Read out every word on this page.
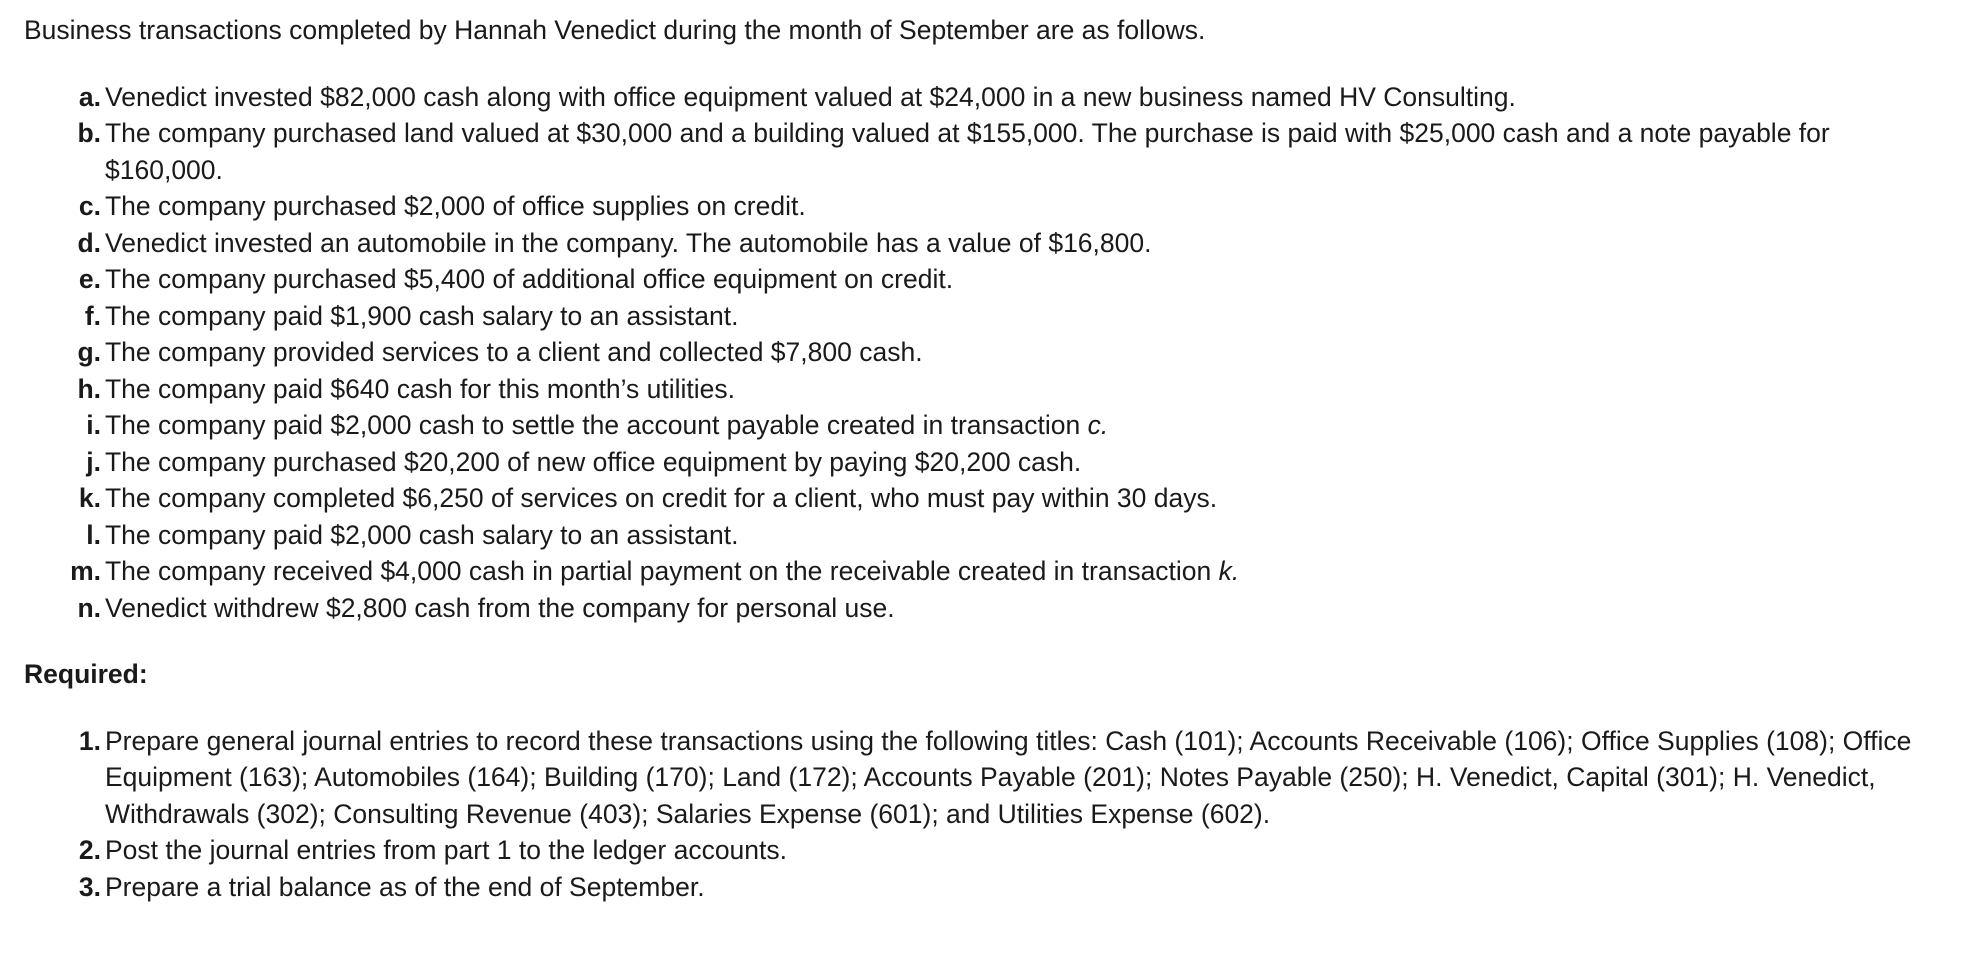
Business transactions completed by Hannah Venedict during the month of September are as follows.

a. Venedict invested $82,000 cash along with office equipment valued at $24,000 in a new business named HV Consulting.
b. The company purchased land valued at $30,000 and a building valued at $155,000. The purchase is paid with $25,000 cash and a note payable for $160,000.
c. The company purchased $2,000 of office supplies on credit.
d. Venedict invested an automobile in the company. The automobile has a value of $16,800.
e. The company purchased $5,400 of additional office equipment on credit.
f. The company paid $1,900 cash salary to an assistant.
g. The company provided services to a client and collected $7,800 cash.
h. The company paid $640 cash for this month’s utilities.
i. The company paid $2,000 cash to settle the account payable created in transaction c.
j. The company purchased $20,200 of new office equipment by paying $20,200 cash.
k. The company completed $6,250 of services on credit for a client, who must pay within 30 days.
l. The company paid $2,000 cash salary to an assistant.
m. The company received $4,000 cash in partial payment on the receivable created in transaction k.
n. Venedict withdrew $2,800 cash from the company for personal use.

Required:

1. Prepare general journal entries to record these transactions using the following titles: Cash (101); Accounts Receivable (106); Office Supplies (108); Office Equipment (163); Automobiles (164); Building (170); Land (172); Accounts Payable (201); Notes Payable (250); H. Venedict, Capital (301); H. Venedict, Withdrawals (302); Consulting Revenue (403); Salaries Expense (601); and Utilities Expense (602).
2. Post the journal entries from part 1 to the ledger accounts.
3. Prepare a trial balance as of the end of September.
